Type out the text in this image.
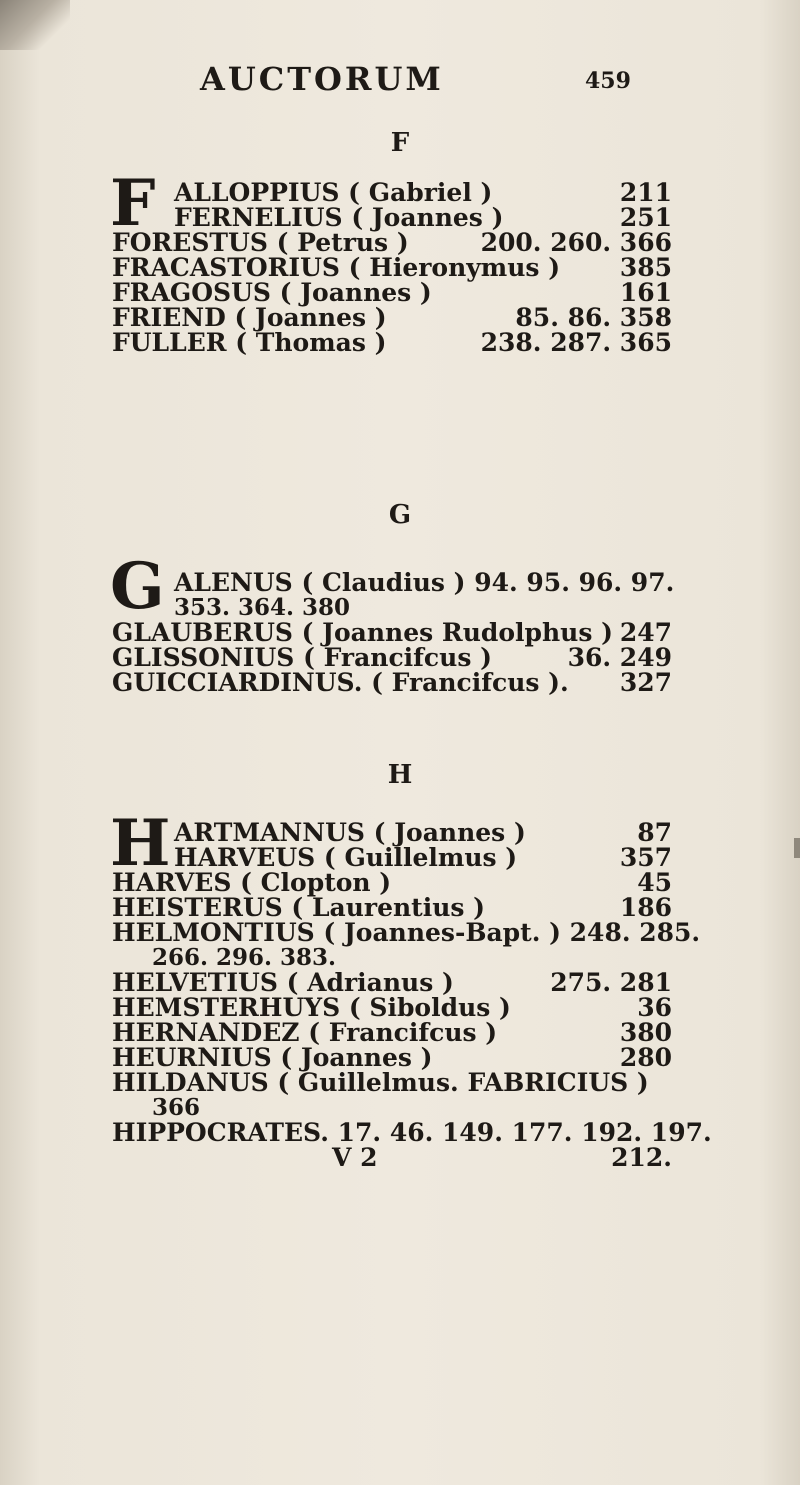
AUCTORUM	459
F
F ALLOPPIUS ( Gabriel )	211
FERNELIUS ( Joannes )	251
FORESTUS ( Petrus )	200. 260. 366
FRACASTORIUS ( Hieronymus ) 385
FRAGOSUS ( Joannes )	161
FRIEND ( Joannes )	85. 86. 358
FULLER ( Thomas )	238. 287. 365
G
G ALENUS ( Claudius ) 94. 95. 96. 97.
353. 364. 380
GLAUBERUS ( Joannes Rudolphus ) 247
GLISSONIUS ( Francifcus )	36. 249
GUICCIARDINUS. ( Francifcus ). 327
H
H ARTMANNUS ( Joannes )	87
HARVEUS ( Guillelmus )	357
HARVES ( Clopton )	45
HEISTERUS ( Laurentius )	186
HELMONTIUS ( Joannes-Bapt. ) 248. 285.
266. 296. 383.
HELVETIUS ( Adrianus )	275. 281
HEMSTERHUYS ( Siboldus )	36
HERNANDEZ ( Francifcus )	380
HEURNIUS ( Joannes )	280
HILDANUS ( Guillelmus. FABRICIUS )
366
HIPPOCRATES. 17. 46. 149. 177. 192. 197.
V 2	212.
